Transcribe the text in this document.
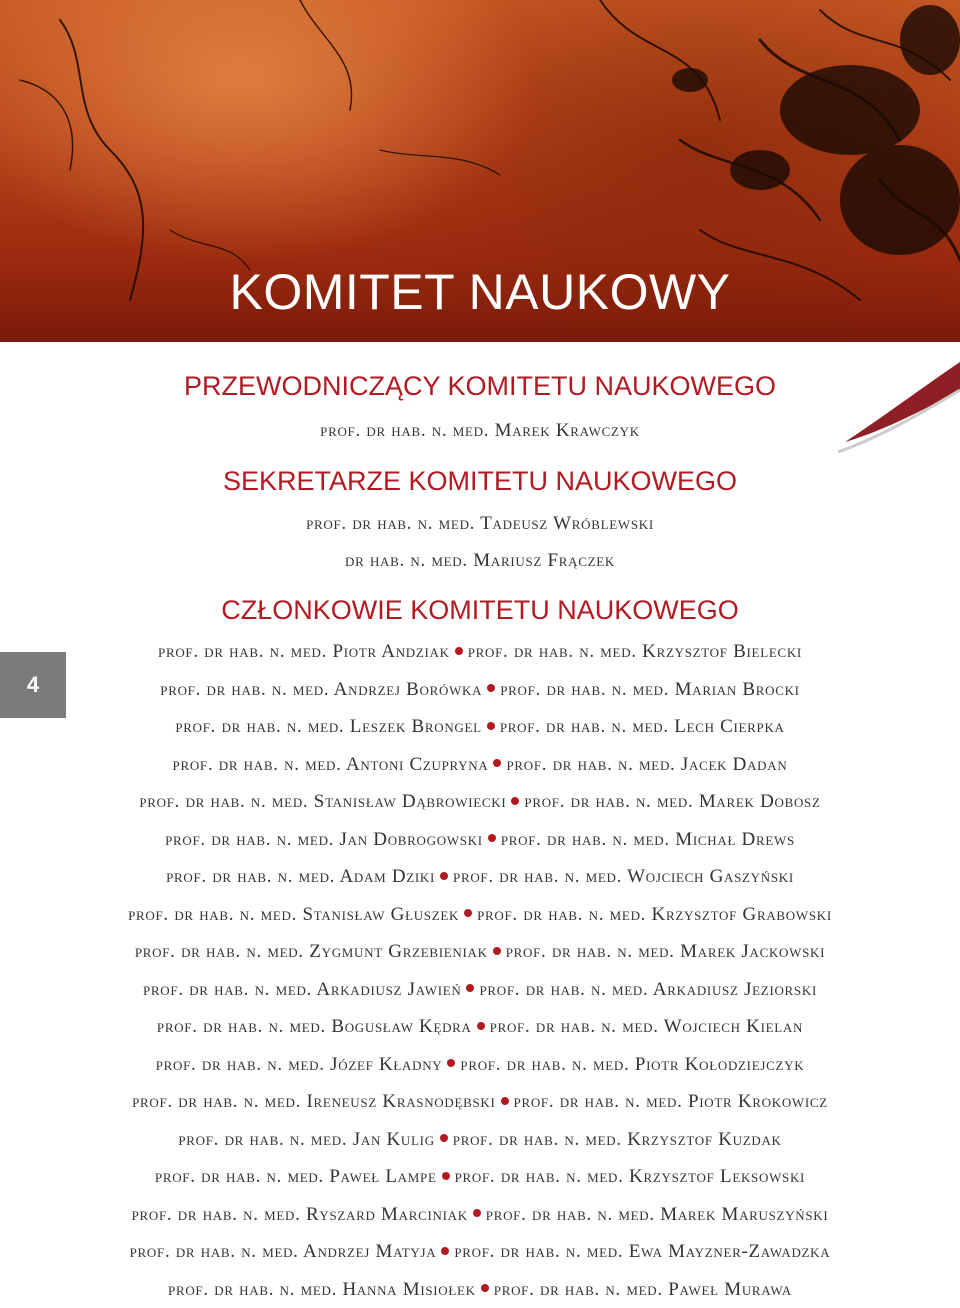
KOMITET NAUKOWY
4
PRZEWODNICZĄCY KOMITETU NAUKOWEGO
prof. dr hab. n. med. Marek Krawczyk
SEKRETARZE KOMITETU NAUKOWEGO
prof. dr hab. n. med. Tadeusz Wróblewski
dr hab. n. med. Mariusz Frączek
CZŁONKOWIE KOMITETU NAUKOWEGO
prof. dr hab. n. med. Piotr Andziak prof. dr hab. n. med. Krzysztof Bielecki
prof. dr hab. n. med. Andrzej Borówka prof. dr hab. n. med. Marian Brocki
prof. dr hab. n. med. Leszek Brongel prof. dr hab. n. med. Lech Cierpka
prof. dr hab. n. med. Antoni Czupryna prof. dr hab. n. med. Jacek Dadan
prof. dr hab. n. med. Stanisław Dąbrowiecki prof. dr hab. n. med. Marek Dobosz
prof. dr hab. n. med. Jan Dobrogowski prof. dr hab. n. med. Michał Drews
prof. dr hab. n. med. Adam Dziki prof. dr hab. n. med. Wojciech Gaszyński
prof. dr hab. n. med. Stanisław Głuszek prof. dr hab. n. med. Krzysztof Grabowski
prof. dr hab. n. med. Zygmunt Grzebieniak prof. dr hab. n. med. Marek Jackowski
prof. dr hab. n. med. Arkadiusz Jawień prof. dr hab. n. med. Arkadiusz Jeziorski
prof. dr hab. n. med. Bogusław Kędra prof. dr hab. n. med. Wojciech Kielan
prof. dr hab. n. med. Józef Kładny prof. dr hab. n. med. Piotr Kołodziejczyk
prof. dr hab. n. med. Ireneusz Krasnodębski prof. dr hab. n. med. Piotr Krokowicz
prof. dr hab. n. med. Jan Kulig prof. dr hab. n. med. Krzysztof Kuzdak
prof. dr hab. n. med. Paweł Lampe prof. dr hab. n. med. Krzysztof Leksowski
prof. dr hab. n. med. Ryszard Marciniak prof. dr hab. n. med. Marek Maruszyński
prof. dr hab. n. med. Andrzej Matyja prof. dr hab. n. med. Ewa Mayzner-Zawadzka
prof. dr hab. n. med. Hanna Misiołek prof. dr hab. n. med. Paweł Murawa
